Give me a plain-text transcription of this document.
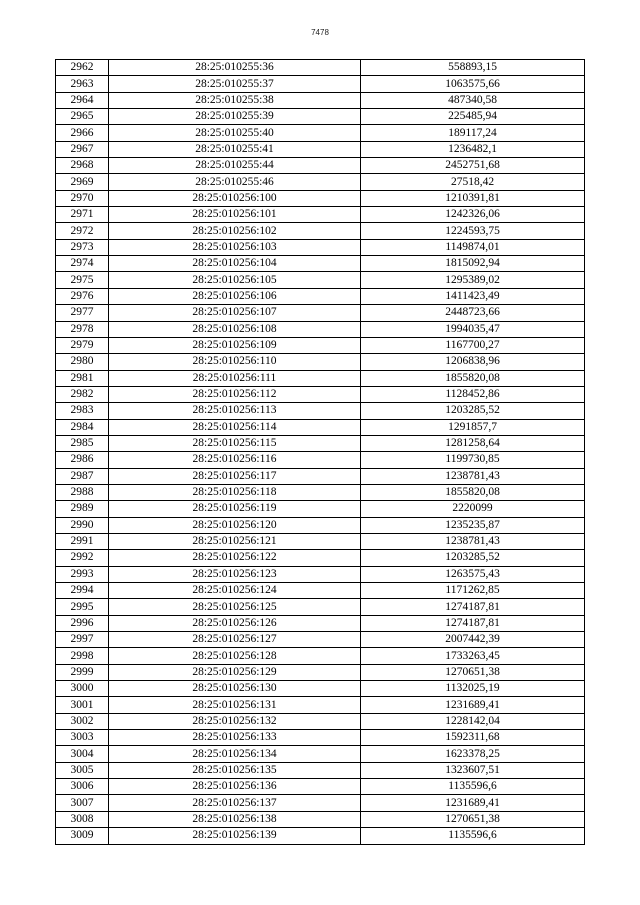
7478
2962	28:25:010255:36	558893,15
2963	28:25:010255:37	1063575,66
2964	28:25:010255:38	487340,58
2965	28:25:010255:39	225485,94
2966	28:25:010255:40	189117,24
2967	28:25:010255:41	1236482,1
2968	28:25:010255:44	2452751,68
2969	28:25:010255:46	27518,42
2970	28:25:010256:100	1210391,81
2971	28:25:010256:101	1242326,06
2972	28:25:010256:102	1224593,75
2973	28:25:010256:103	1149874,01
2974	28:25:010256:104	1815092,94
2975	28:25:010256:105	1295389,02
2976	28:25:010256:106	1411423,49
2977	28:25:010256:107	2448723,66
2978	28:25:010256:108	1994035,47
2979	28:25:010256:109	1167700,27
2980	28:25:010256:110	1206838,96
2981	28:25:010256:111	1855820,08
2982	28:25:010256:112	1128452,86
2983	28:25:010256:113	1203285,52
2984	28:25:010256:114	1291857,7
2985	28:25:010256:115	1281258,64
2986	28:25:010256:116	1199730,85
2987	28:25:010256:117	1238781,43
2988	28:25:010256:118	1855820,08
2989	28:25:010256:119	2220099
2990	28:25:010256:120	1235235,87
2991	28:25:010256:121	1238781,43
2992	28:25:010256:122	1203285,52
2993	28:25:010256:123	1263575,43
2994	28:25:010256:124	1171262,85
2995	28:25:010256:125	1274187,81
2996	28:25:010256:126	1274187,81
2997	28:25:010256:127	2007442,39
2998	28:25:010256:128	1733263,45
2999	28:25:010256:129	1270651,38
3000	28:25:010256:130	1132025,19
3001	28:25:010256:131	1231689,41
3002	28:25:010256:132	1228142,04
3003	28:25:010256:133	1592311,68
3004	28:25:010256:134	1623378,25
3005	28:25:010256:135	1323607,51
3006	28:25:010256:136	1135596,6
3007	28:25:010256:137	1231689,41
3008	28:25:010256:138	1270651,38
3009	28:25:010256:139	1135596,6
